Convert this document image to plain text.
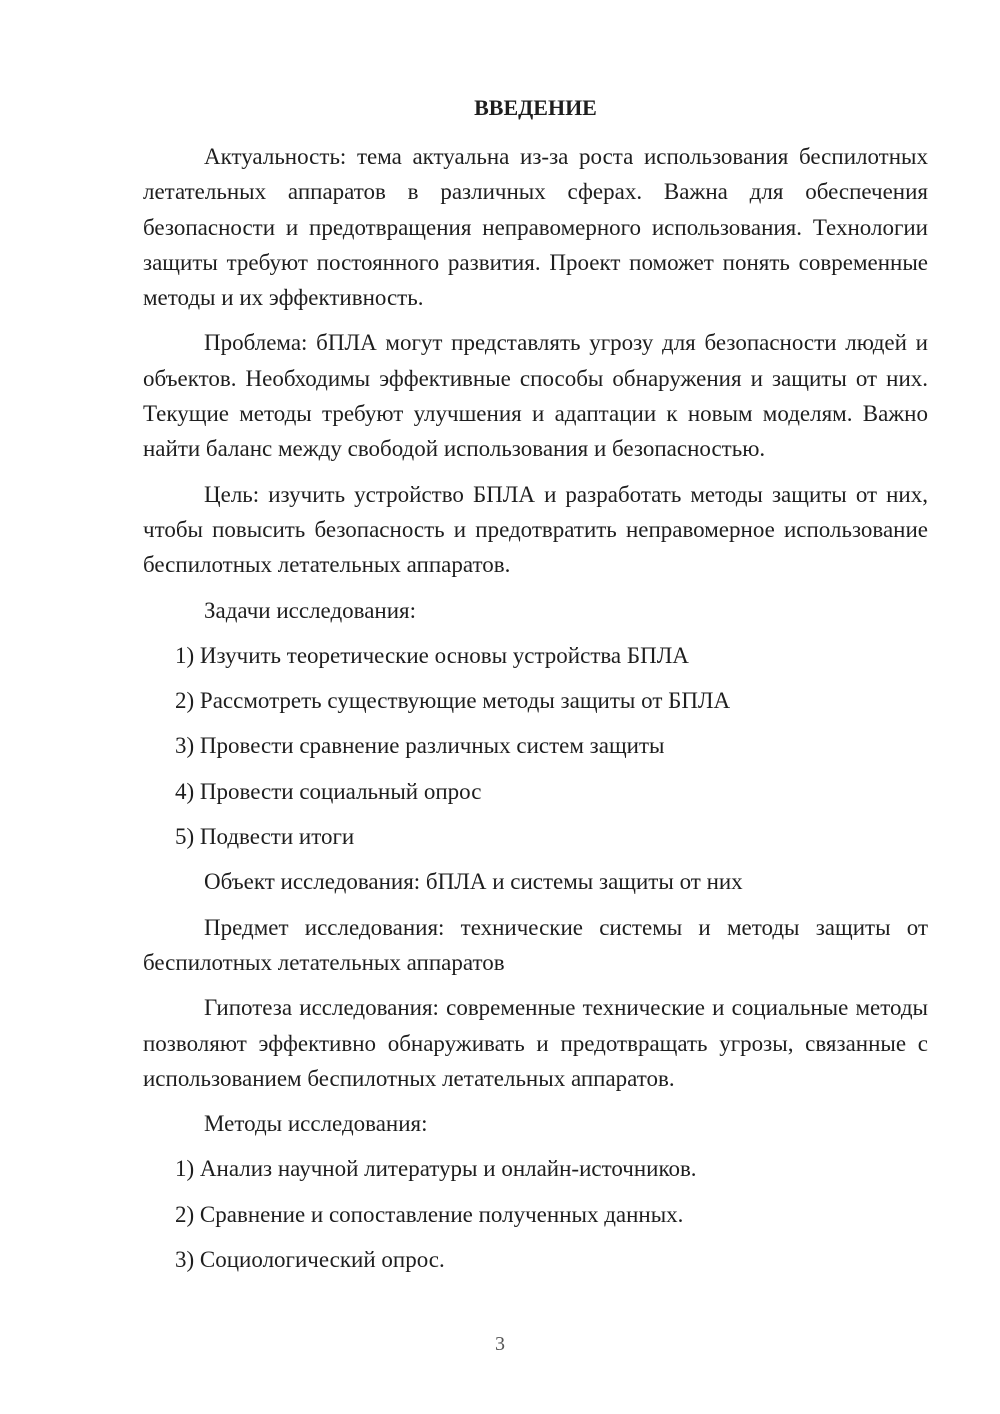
ВВЕДЕНИЕ

Актуальность: тема актуальна из-за роста использования беспилотных летательных аппаратов в различных сферах. Важна для обеспечения безопасности и предотвращения неправомерного использования. Технологии защиты требуют постоянного развития. Проект поможет понять современные методы и их эффективность.

Проблема: бПЛА могут представлять угрозу для безопасности людей и объектов. Необходимы эффективные способы обнаружения и защиты от них. Текущие методы требуют улучшения и адаптации к новым моделям. Важно найти баланс между свободой использования и безопасностью.

Цель: изучить устройство БПЛА и разработать методы защиты от них, чтобы повысить безопасность и предотвратить неправомерное использование беспилотных летательных аппаратов.

Задачи исследования:

1) Изучить теоретические основы устройства БПЛА

2) Рассмотреть существующие методы защиты от БПЛА

3) Провести сравнение различных систем защиты

4) Провести социальный опрос

5) Подвести итоги

Объект исследования: бПЛА и системы защиты от них

Предмет исследования: технические системы и методы защиты от беспилотных летательных аппаратов

Гипотеза исследования: современные технические и социальные методы позволяют эффективно обнаруживать и предотвращать угрозы, связанные с использованием беспилотных летательных аппаратов.

Методы исследования:

1) Анализ научной литературы и онлайн-источников.

2) Сравнение и сопоставление полученных данных.

3) Социологический опрос.

3
